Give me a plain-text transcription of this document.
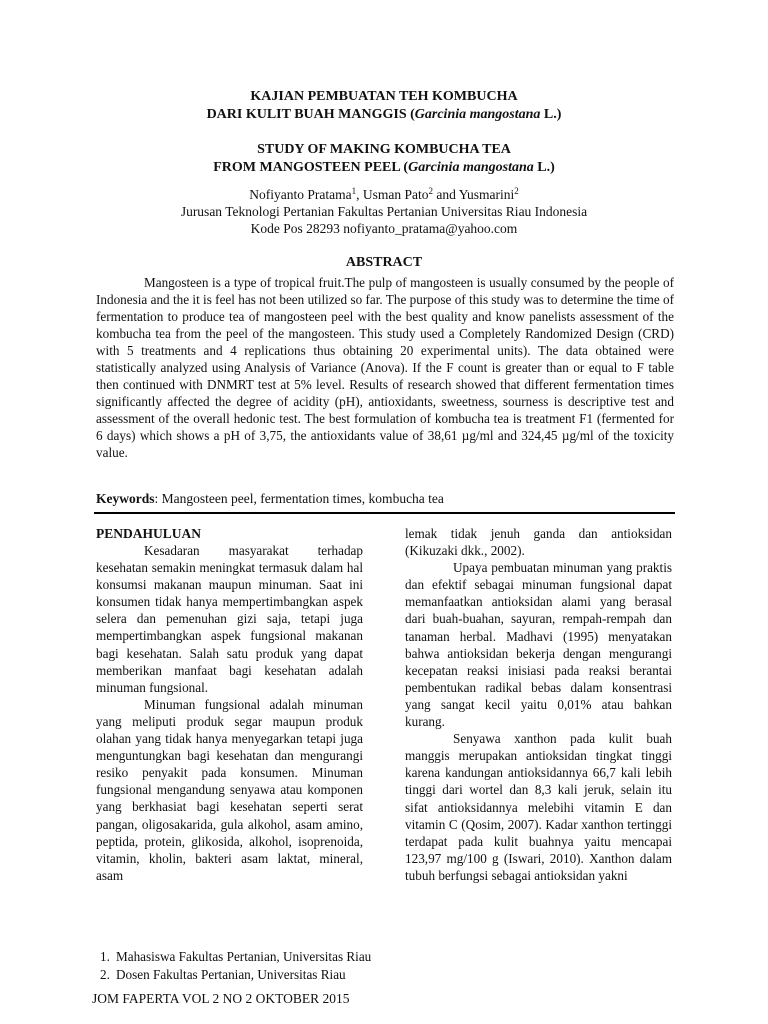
KAJIAN PEMBUATAN TEH KOMBUCHA
DARI KULIT BUAH MANGGIS (Garcinia mangostana L.)
STUDY OF MAKING KOMBUCHA TEA
FROM MANGOSTEEN PEEL (Garcinia mangostana L.)
Nofiyanto Pratama$^1$, Usman Pato$^2$ and Yusmarini$^2$
Jurusan Teknologi Pertanian Fakultas Pertanian Universitas Riau Indonesia
Kode Pos 28293 nofiyanto_pratama@yahoo.com
ABSTRACT

Mangosteen is a type of tropical fruit.The pulp of mangosteen is usually consumed by the people of Indonesia and the it is feel has not been utilized so far. The purpose of this study was to determine the time of fermentation to produce tea of mangosteen peel with the best quality and know panelists assessment of the kombucha tea from the peel of the mangosteen. This study used a Completely Randomized Design (CRD) with 5 treatments and 4 replications thus obtaining 20 experimental units). The data obtained were statistically analyzed using Analysis of Variance (Anova). If the F count is greater than or equal to F table then continued with DNMRT test at 5% level. Results of research showed that different fermentation times significantly affected the degree of acidity (pH), antioxidants, sweetness, sourness is descriptive test and assessment of the overall hedonic test. The best formulation of kombucha tea is treatment F1 (fermented for 6 days) which shows a pH of 3,75, the antioxidants value of 38,61 µg/ml and 324,45 µg/ml of the toxicity value.

Keywords: Mangosteen peel, fermentation times, kombucha tea

PENDAHULUAN

Kesadaran masyarakat terhadap kesehatan semakin meningkat termasuk dalam hal konsumsi makanan maupun minuman. Saat ini konsumen tidak hanya mempertimbangkan aspek selera dan pemenuhan gizi saja, tetapi juga mempertimbangkan aspek fungsional makanan bagi kesehatan. Salah satu produk yang dapat memberikan manfaat bagi kesehatan adalah minuman fungsional.

Minuman fungsional adalah minuman yang meliputi produk segar maupun produk olahan yang tidak hanya menyegarkan tetapi juga menguntungkan bagi kesehatan dan mengurangi resiko penyakit pada konsumen. Minuman fungsional mengandung senyawa atau komponen yang berkhasiat bagi kesehatan seperti serat pangan, oligosakarida, gula alkohol, asam amino, peptida, protein, glikosida, alkohol, isoprenoida, vitamin, kholin, bakteri asam laktat, mineral, asam

lemak tidak jenuh ganda dan antioksidan (Kikuzaki dkk., 2002).

Upaya pembuatan minuman yang praktis dan efektif sebagai minuman fungsional dapat memanfaatkan antioksidan alami yang berasal dari buah-buahan, sayuran, rempah-rempah dan tanaman herbal. Madhavi (1995) menyatakan bahwa antioksidan bekerja dengan mengurangi kecepatan reaksi inisiasi pada reaksi berantai pembentukan radikal bebas dalam konsentrasi yang sangat kecil yaitu 0,01% atau bahkan kurang.

Senyawa xanthon pada kulit buah manggis merupakan antioksidan tingkat tinggi karena kandungan antioksidannya 66,7 kali lebih tinggi dari wortel dan 8,3 kali jeruk, selain itu sifat antioksidannya melebihi vitamin E dan vitamin C (Qosim, 2007). Kadar xanthon tertinggi terdapat pada kulit buahnya yaitu mencapai 123,97 mg/100 g (Iswari, 2010). Xanthon dalam tubuh berfungsi sebagai antioksidan yakni

1. Mahasiswa Fakultas Pertanian, Universitas Riau
2. Dosen Fakultas Pertanian, Universitas Riau
JOM FAPERTA VOL 2 NO 2 OKTOBER 2015
